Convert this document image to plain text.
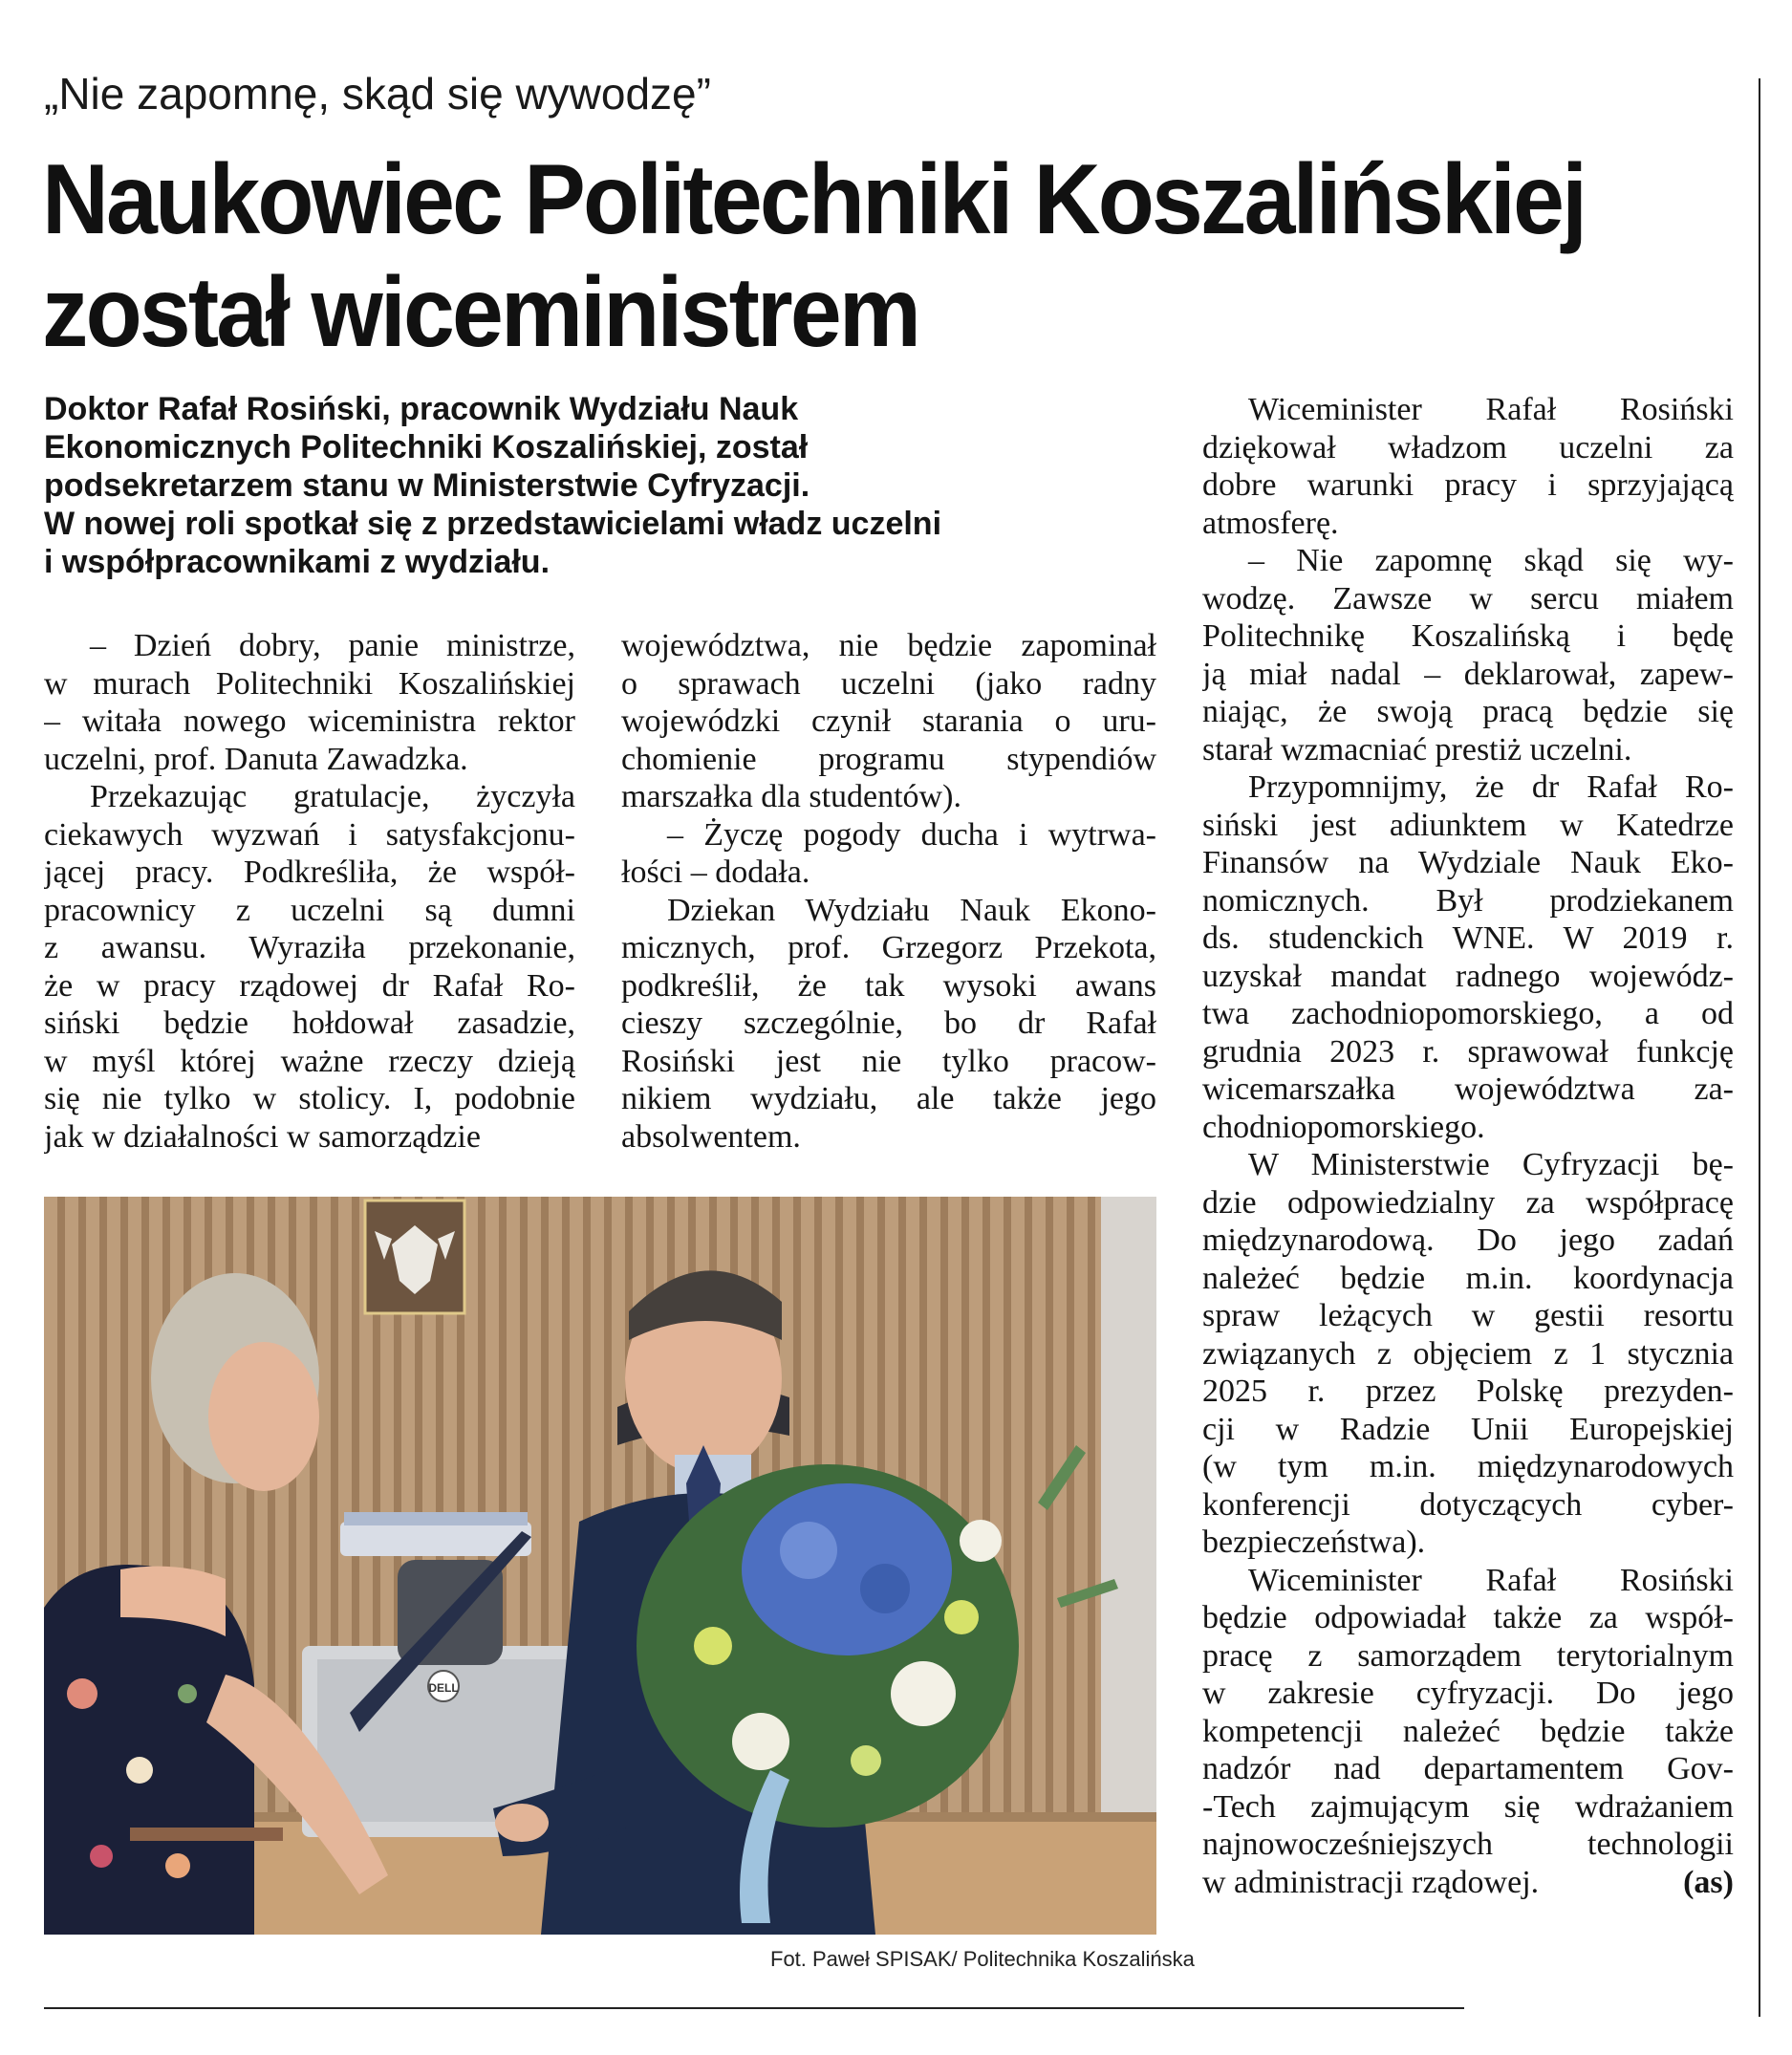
„Nie zapomnę, skąd się wywodzę”
Naukowiec Politechniki Koszalińskiej
został wiceministrem
Doktor Rafał Rosiński, pracownik Wydziału Nauk
Ekonomicznych Politechniki Koszalińskiej, został
podsekretarzem stanu w Ministerstwie Cyfryzacji.
W nowej roli spotkał się z przedstawicielami władz uczelni
i współpracownikami z wydziału.
– Dzień dobry, panie ministrze,
w murach Politechniki Koszalińskiej
– witała nowego wiceministra rektor
uczelni, prof. Danuta Zawadzka.
Przekazując gratulacje, życzyła
ciekawych wyzwań i satysfakcjonu-
jącej pracy. Podkreśliła, że współ-
pracownicy z uczelni są dumni
z awansu. Wyraziła przekonanie,
że w pracy rządowej dr Rafał Ro-
siński będzie hołdował zasadzie,
w myśl której ważne rzeczy dzieją
się nie tylko w stolicy. I, podobnie
jak w działalności w samorządzie
województwa, nie będzie zapominał
o sprawach uczelni (jako radny
wojewódzki czynił starania o uru-
chomienie programu stypendiów
marszałka dla studentów).
– Życzę pogody ducha i wytrwa-
łości – dodała.
Dziekan Wydziału Nauk Ekono-
micznych, prof. Grzegorz Przekota,
podkreślił, że tak wysoki awans
cieszy szczególnie, bo dr Rafał
Rosiński jest nie tylko pracow-
nikiem wydziału, ale także jego
absolwentem.
Wiceminister Rafał Rosiński
dziękował władzom uczelni za
dobre warunki pracy i sprzyjającą
atmosferę.
– Nie zapomnę skąd się wy-
wodzę. Zawsze w sercu miałem
Politechnikę Koszalińską i będę
ją miał nadal – deklarował, zapew-
niając, że swoją pracą będzie się
starał wzmacniać prestiż uczelni.
Przypomnijmy, że dr Rafał Ro-
siński jest adiunktem w Katedrze
Finansów na Wydziale Nauk Eko-
nomicznych. Był prodziekanem
ds. studenckich WNE. W 2019 r.
uzyskał mandat radnego wojewódz-
twa zachodniopomorskiego, a od
grudnia 2023 r. sprawował funkcję
wicemarszałka województwa za-
chodniopomorskiego.
W Ministerstwie Cyfryzacji bę-
dzie odpowiedzialny za współpracę
międzynarodową. Do jego zadań
należeć będzie m.in. koordynacja
spraw leżących w gestii resortu
związanych z objęciem z 1 stycznia
2025 r. przez Polskę prezyden-
cji w Radzie Unii Europejskiej
(w tym m.in. międzynarodowych
konferencji dotyczących cyber-
bezpieczeństwa).
Wiceminister Rafał Rosiński
będzie odpowiadał także za współ-
pracę z samorządem terytorialnym
w zakresie cyfryzacji. Do jego
kompetencji należeć będzie także
nadzór nad departamentem Gov-
-Tech zajmującym się wdrażaniem
najnowocześniejszych technologii
w administracji rządowej.	(as)
DELL
Fot. Paweł SPISAK/ Politechnika Koszalińska
